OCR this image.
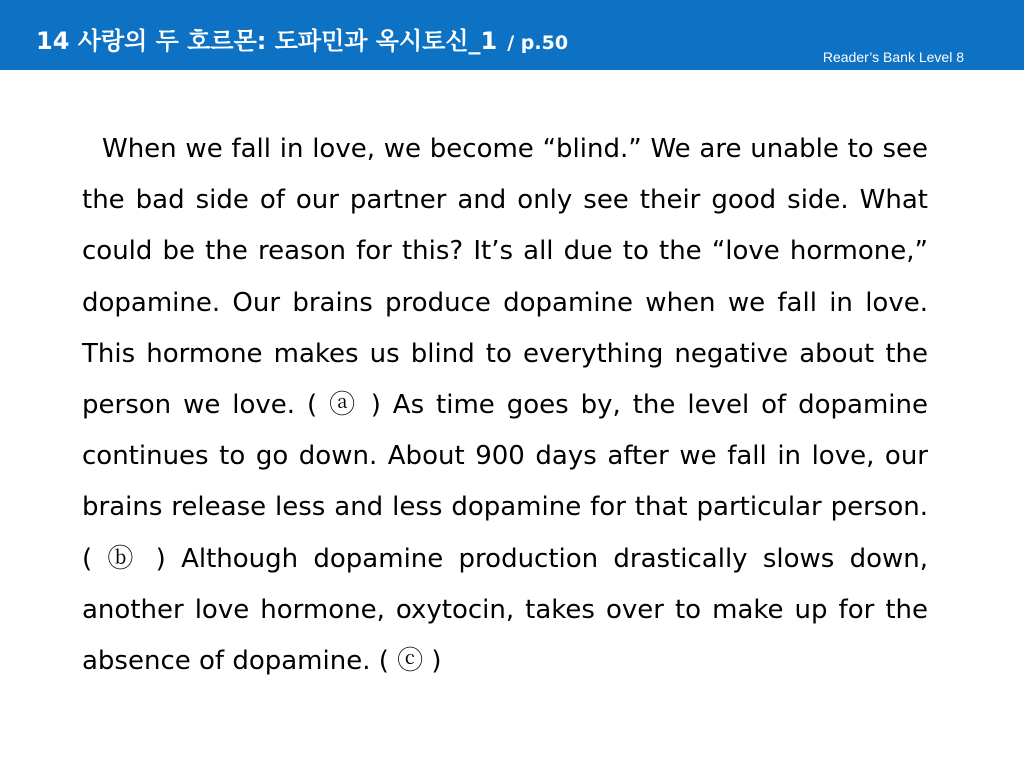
14 사랑의 두 호르몬: 도파민과 옥시토신_1 / p.50
Reader’s Bank Level 8

When we fall in love, we become “blind.” We are unable to see the bad side of our partner and only see their good side. What could be the reason for this? It’s all due to the “love hormone,” dopamine. Our brains produce dopamine when we fall in love. This hormone makes us blind to everything negative about the person we love. ( ⓐ ) As time goes by, the level of dopamine continues to go down. About 900 days after we fall in love, our brains release less and less dopamine for that particular person. ( ⓑ ) Although dopamine production drastically slows down, another love hormone, oxytocin, takes over to make up for the absence of dopamine. ( ⓒ )
